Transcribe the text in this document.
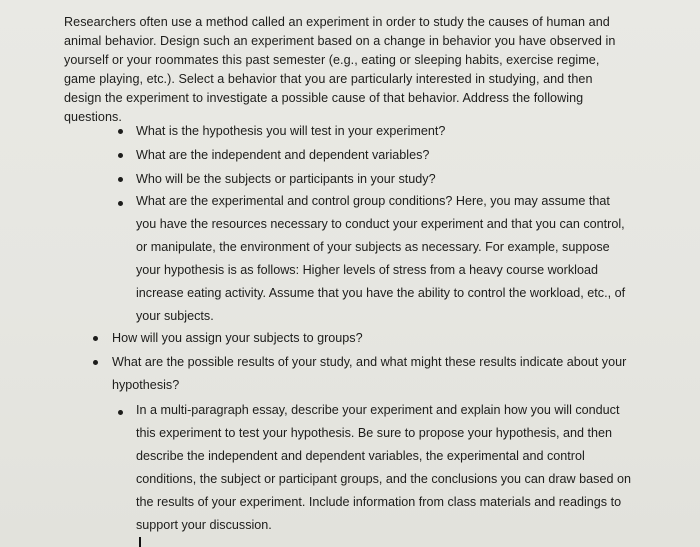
Researchers often use a method called an experiment in order to study the causes of human and
animal behavior. Design such an experiment based on a change in behavior you have observed in
yourself or your roommates this past semester (e.g., eating or sleeping habits, exercise regime,
game playing, etc.). Select a behavior that you are particularly interested in studying, and then
design the experiment to investigate a possible cause of that behavior. Address the following
questions.
What is the hypothesis you will test in your experiment?
What are the independent and dependent variables?
Who will be the subjects or participants in your study?
What are the experimental and control group conditions? Here, you may assume that
you have the resources necessary to conduct your experiment and that you can control,
or manipulate, the environment of your subjects as necessary. For example, suppose
your hypothesis is as follows: Higher levels of stress from a heavy course workload
increase eating activity. Assume that you have the ability to control the workload, etc., of
your subjects.
How will you assign your subjects to groups?
What are the possible results of your study, and what might these results indicate about your
hypothesis?
In a multi-paragraph essay, describe your experiment and explain how you will conduct
this experiment to test your hypothesis. Be sure to propose your hypothesis, and then
describe the independent and dependent variables, the experimental and control
conditions, the subject or participant groups, and the conclusions you can draw based on
the results of your experiment. Include information from class materials and readings to
support your discussion.
